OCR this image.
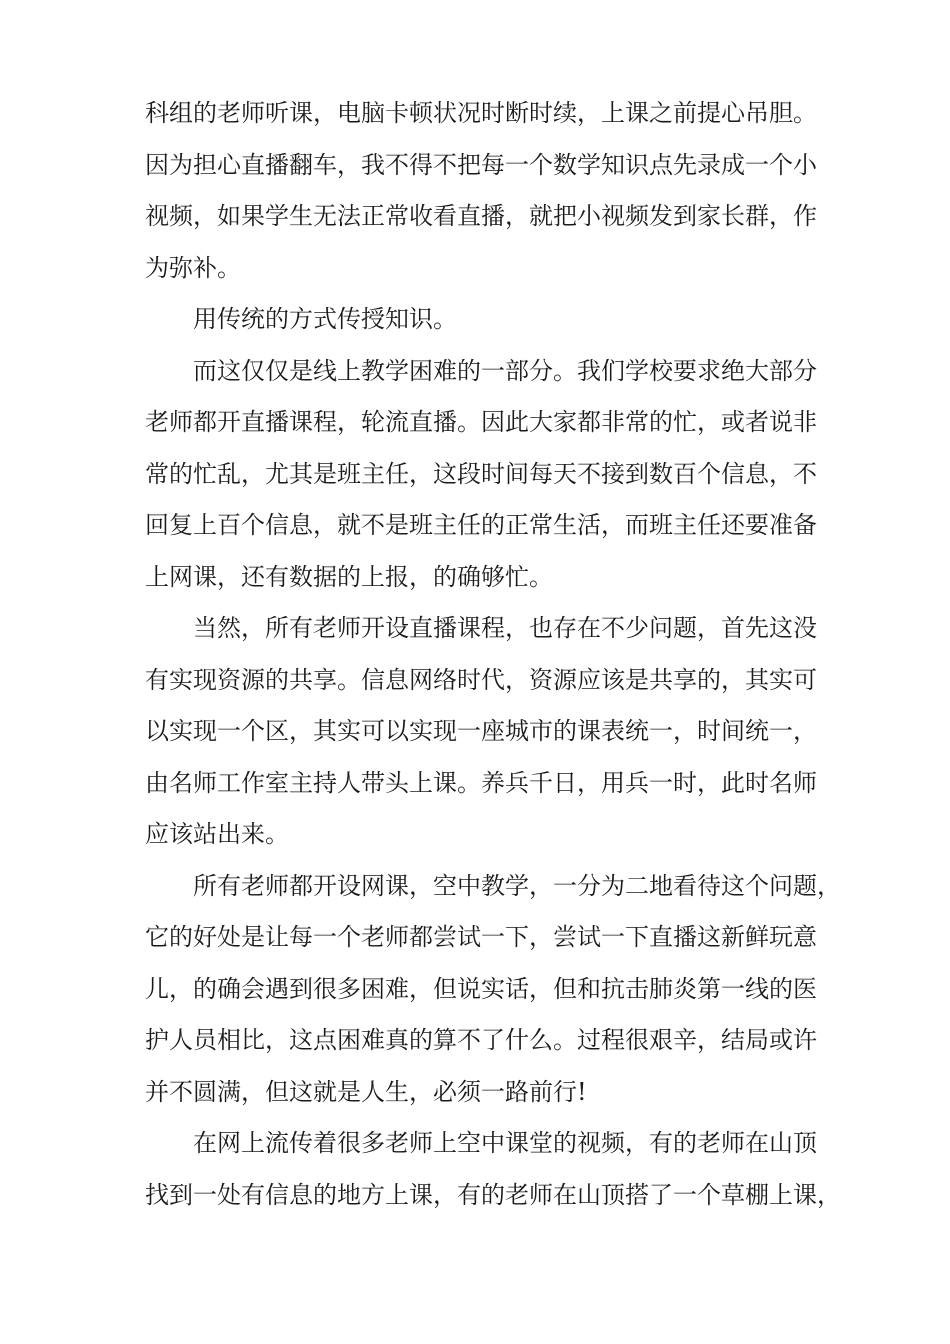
科组的老师听课，电脑卡顿状况时断时续，上课之前提心吊胆。
因为担心直播翻车，我不得不把每一个数学知识点先录成一个小
视频，如果学生无法正常收看直播，就把小视频发到家长群，作
为弥补。
用传统的方式传授知识。
而这仅仅是线上教学困难的一部分。我们学校要求绝大部分
老师都开直播课程，轮流直播。因此大家都非常的忙，或者说非
常的忙乱，尤其是班主任，这段时间每天不接到数百个信息，不
回复上百个信息，就不是班主任的正常生活，而班主任还要准备
上网课，还有数据的上报，的确够忙。
当然，所有老师开设直播课程，也存在不少问题，首先这没
有实现资源的共享。信息网络时代，资源应该是共享的，其实可
以实现一个区，其实可以实现一座城市的课表统一，时间统一，
由名师工作室主持人带头上课。养兵千日，用兵一时，此时名师
应该站出来。
所有老师都开设网课，空中教学，一分为二地看待这个问题，
它的好处是让每一个老师都尝试一下，尝试一下直播这新鲜玩意
儿，的确会遇到很多困难，但说实话，但和抗击肺炎第一线的医
护人员相比，这点困难真的算不了什么。过程很艰辛，结局或许
并不圆满，但这就是人生，必须一路前行!
在网上流传着很多老师上空中课堂的视频，有的老师在山顶
找到一处有信息的地方上课，有的老师在山顶搭了一个草棚上课，
